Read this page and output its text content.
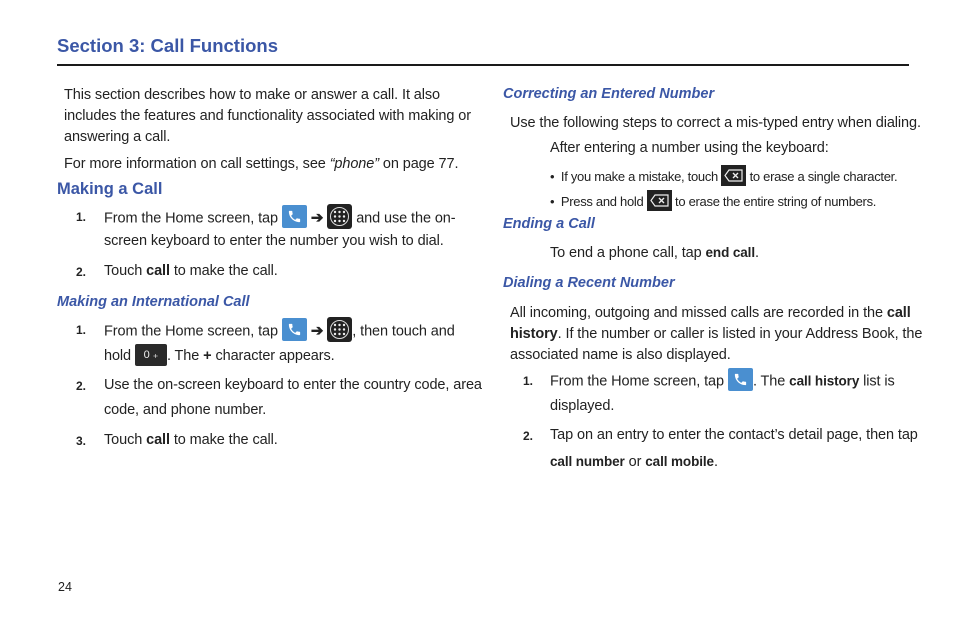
Section 3: Call Functions
This section describes how to make or answer a call. It also
includes the features and functionality associated with making or
answering a call.
For more information on call settings, see “phone” on page 77.
Making a Call
1. From the Home screen, tap ➔ and use the on-
screen keyboard to enter the number you wish to dial.
2. Touch call to make the call.
Making an International Call
1. From the Home screen, tap ➔ , then touch and
hold 0 ₊ . The + character appears.
2. Use the on-screen keyboard to enter the country code, area
code, and phone number.
3. Touch call to make the call.
Correcting an Entered Number
Use the following steps to correct a mis-typed entry when dialing.
After entering a number using the keyboard:
• If you make a mistake, touch to erase a single character.
• Press and hold to erase the entire string of numbers.
Ending a Call
To end a phone call, tap end call.
Dialing a Recent Number
All incoming, outgoing and missed calls are recorded in the call
history. If the number or caller is listed in your Address Book, the
associated name is also displayed.
1. From the Home screen, tap . The call history list is
displayed.
2. Tap on an entry to enter the contact’s detail page, then tap
call number or call mobile.
24
